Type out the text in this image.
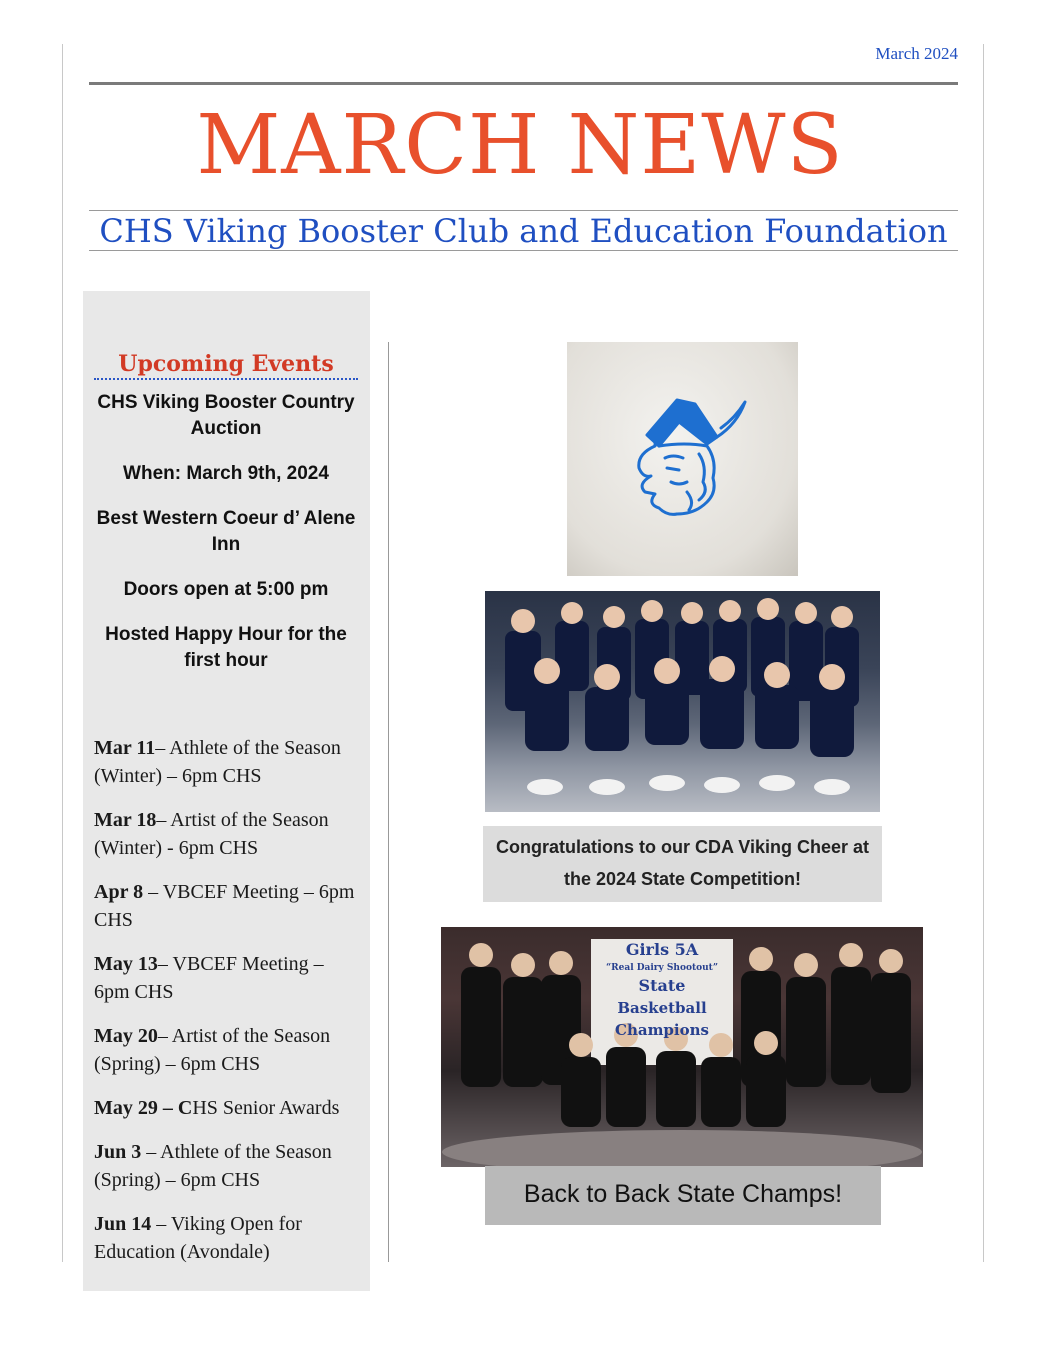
March 2024
MARCH NEWS
CHS Viking Booster Club and Education Foundation
Upcoming Events

CHS Viking Booster Country Auction

When: March 9th, 2024

Best Western Coeur d’ Alene Inn

Doors open at 5:00 pm

Hosted Happy Hour for the first hour

Mar 11– Athlete of the Season (Winter) – 6pm CHS

Mar 18– Artist of the Season (Winter) - 6pm CHS

Apr 8 – VBCEF Meeting – 6pm CHS

May 13– VBCEF Meeting – 6pm CHS

May 20– Artist of the Season (Spring) – 6pm CHS

May 29 – CHS Senior Awards

Jun 3 – Athlete of the Season (Spring) – 6pm CHS

Jun 14 – Viking Open for Education (Avondale)

Congratulations to our CDA Viking Cheer at the 2024 State Competition!
Girls 5A
“Real Dairy Shootout”
State
Basketball
Champions
Back to Back State Champs!
